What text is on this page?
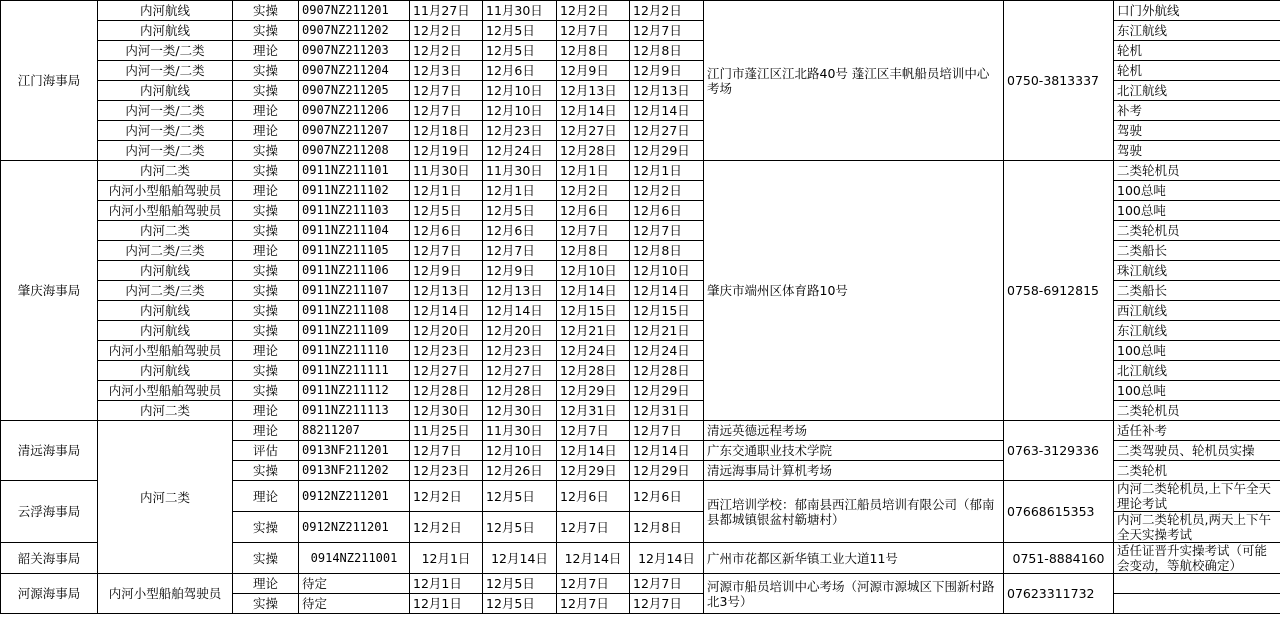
江门海事局	内河航线	实操	0907NZ211201	11月27日	11月30日	12月2日	12月2日	江门市蓬江区江北路40号 蓬江区丰帆船员培训中心考场	0750-3813337	口门外航线
	内河航线	实操	0907NZ211202	12月2日	12月5日	12月7日	12月7日			东江航线
	内河一类/二类	理论	0907NZ211203	12月2日	12月5日	12月8日	12月8日			轮机
	内河一类/二类	实操	0907NZ211204	12月3日	12月6日	12月9日	12月9日			轮机
	内河航线	实操	0907NZ211205	12月7日	12月10日	12月13日	12月13日			北江航线
	内河一类/二类	理论	0907NZ211206	12月7日	12月10日	12月14日	12月14日			补考
	内河一类/二类	理论	0907NZ211207	12月18日	12月23日	12月27日	12月27日			驾驶
	内河一类/二类	实操	0907NZ211208	12月19日	12月24日	12月28日	12月29日			驾驶
肇庆海事局	内河二类	实操	0911NZ211101	11月30日	11月30日	12月1日	12月1日	肇庆市端州区体育路10号	0758-6912815	二类轮机员
	内河小型船舶驾驶员	理论	0911NZ211102	12月1日	12月1日	12月2日	12月2日			100总吨
	内河小型船舶驾驶员	实操	0911NZ211103	12月5日	12月5日	12月6日	12月6日			100总吨
	内河二类	实操	0911NZ211104	12月6日	12月6日	12月7日	12月7日			二类轮机员
	内河二类/三类	理论	0911NZ211105	12月7日	12月7日	12月8日	12月8日			二类船长
	内河航线	实操	0911NZ211106	12月9日	12月9日	12月10日	12月10日			珠江航线
	内河二类/三类	实操	0911NZ211107	12月13日	12月13日	12月14日	12月14日			二类船长
	内河航线	实操	0911NZ211108	12月14日	12月14日	12月15日	12月15日			西江航线
	内河航线	实操	0911NZ211109	12月20日	12月20日	12月21日	12月21日			东江航线
	内河小型船舶驾驶员	理论	0911NZ211110	12月23日	12月23日	12月24日	12月24日			100总吨
	内河航线	实操	0911NZ211111	12月27日	12月27日	12月28日	12月28日			北江航线
	内河小型船舶驾驶员	实操	0911NZ211112	12月28日	12月28日	12月29日	12月29日			100总吨
	内河二类	理论	0911NZ211113	12月30日	12月30日	12月31日	12月31日			二类轮机员
清远海事局	内河二类	理论	88211207	11月25日	11月30日	12月7日	12月7日	清远英德远程考场	0763-3129336	适任补考
		评估	0913NF211201	12月7日	12月10日	12月14日	12月14日	广东交通职业技术学院		二类驾驶员、轮机员实操
		实操	0913NF211202	12月23日	12月26日	12月29日	12月29日	清远海事局计算机考场		二类轮机
云浮海事局		理论	0912NZ211201	12月2日	12月5日	12月6日	12月6日	西江培训学校：郁南县西江船员培训有限公司（郁南县都城镇银盆村簕塘村）	07668615353	内河二类轮机员,上下午全天理论考试
		实操	0912NZ211201	12月2日	12月5日	12月7日	12月8日			内河二类轮机员,两天上下午全天实操考试
韶关海事局		实操	0914NZ211001	12月1日	12月14日	12月14日	12月14日	广州市花都区新华镇工业大道11号	0751-8884160	适任证晋升实操考试（可能会变动，等航校确定）
河源海事局	内河小型船舶驾驶员	理论	待定	12月1日	12月5日	12月7日	12月7日	河源市船员培训中心考场（河源市源城区下围新村路北3号）	07623311732	
		实操	待定	12月1日	12月5日	12月7日	12月7日			
